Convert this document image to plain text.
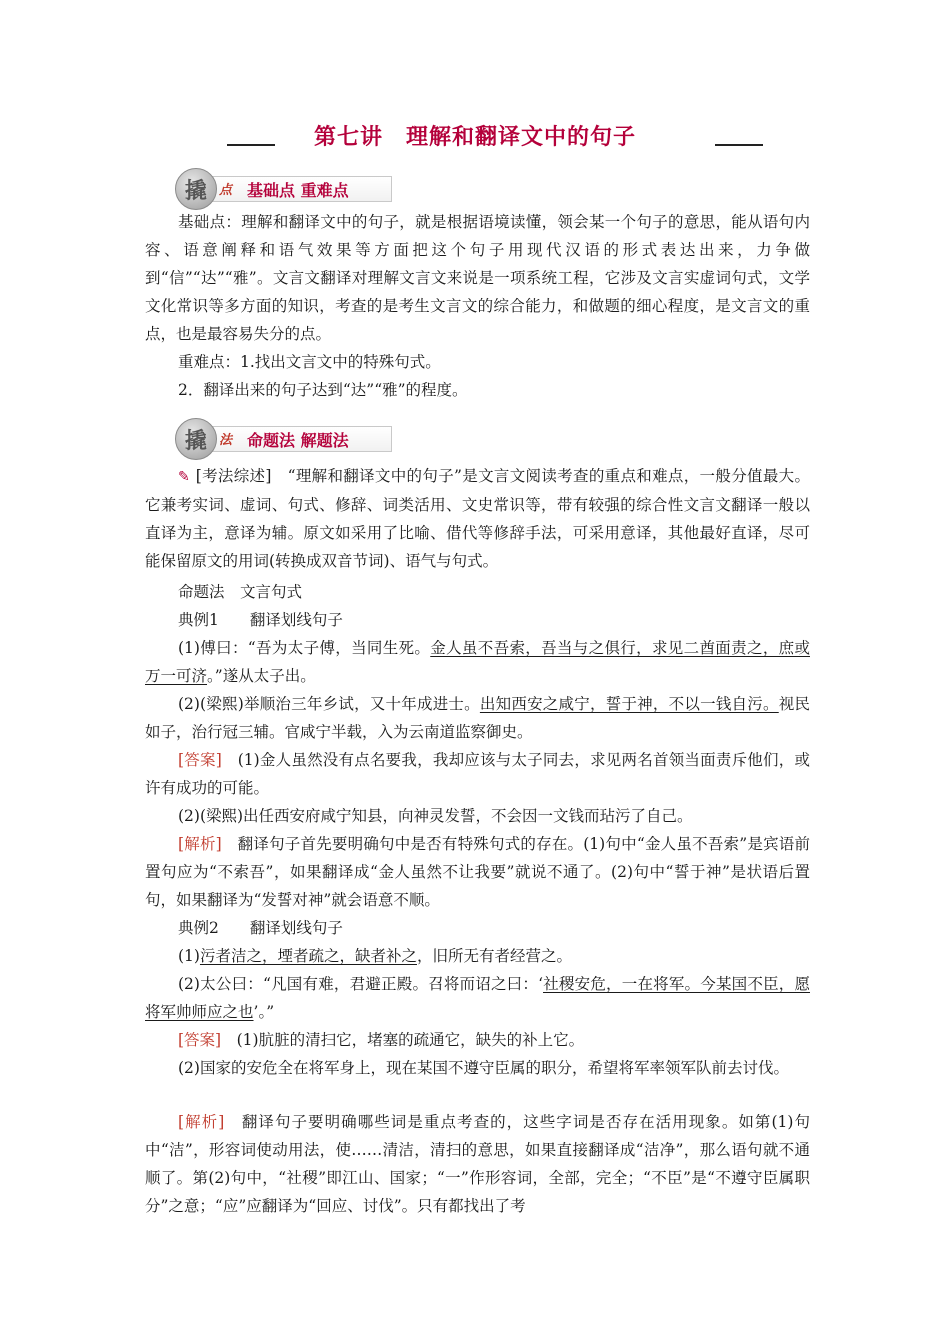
第七讲　理解和翻译文中的句子
点 基础点 重难点
撬

基础点：理解和翻译文中的句子，就是根据语境读懂，领会某一个句子的意思，能从语句内容、语意阐释和语气效果等方面把这个句子用现代汉语的形式表达出来，力争做到“信”“达”“雅”。文言文翻译对理解文言文来说是一项系统工程，它涉及文言实虚词句式，文学文化常识等多方面的知识，考查的是考生文言文的综合能力，和做题的细心程度，是文言文的重点，也是最容易失分的点。

重难点：1.找出文言文中的特殊句式。

2．翻译出来的句子达到“达”“雅”的程度。

法 命题法 解题法
撬

✎ [考法综述]　 “理解和翻译文中的句子”是文言文阅读考查的重点和难点，一般分值最大。它兼考实词、虚词、句式、修辞、词类活用、文史常识等，带有较强的综合性文言文翻译一般以直译为主，意译为辅。原文如采用了比喻、借代等修辞手法，可采用意译，其他最好直译，尽可能保留原文的用词(转换成双音节词)、语气与句式。

命题法　文言句式

典例1　　翻译划线句子

(1)傅曰：“吾为太子傅，当同生死。金人虽不吾索，吾当与之俱行，求见二酋面责之，庶或万一可济。”遂从太子出。

(2)(梁熙)举顺治三年乡试，又十年成进士。出知西安之咸宁，誓于神，不以一钱自污。视民如子，治行冠三辅。官咸宁半载，入为云南道监察御史。

[答案]　 (1)金人虽然没有点名要我，我却应该与太子同去，求见两名首领当面责斥他们，或许有成功的可能。

(2)(梁熙)出任西安府咸宁知县，向神灵发誓，不会因一文钱而玷污了自己。

[解析]　 翻译句子首先要明确句中是否有特殊句式的存在。(1)句中“金人虽不吾索”是宾语前置句应为“不索吾”，如果翻译成“金人虽然不让我要”就说不通了。(2)句中“誓于神”是状语后置句，如果翻译为“发誓对神”就会语意不顺。

典例2　　翻译划线句子

(1)污者洁之，堙者疏之，缺者补之，旧所无有者经营之。

(2)太公曰：“凡国有难，君避正殿。召将而诏之曰：‘社稷安危，一在将军。今某国不臣，愿将军帅师应之也’。”

[答案]　 (1)肮脏的清扫它，堵塞的疏通它，缺失的补上它。

(2)国家的安危全在将军身上，现在某国不遵守臣属的职分，希望将军率领军队前去讨伐。

[解析]　 翻译句子要明确哪些词是重点考查的，这些字词是否存在活用现象。如第(1)句中“洁”，形容词使动用法，使……清洁，清扫的意思，如果直接翻译成“洁净”，那么语句就不通顺了。第(2)句中，“社稷”即江山、国家；“一”作形容词，全部，完全；“不臣”是“不遵守臣属职分”之意；“应”应翻译为“回应、讨伐”。只有都找出了考
